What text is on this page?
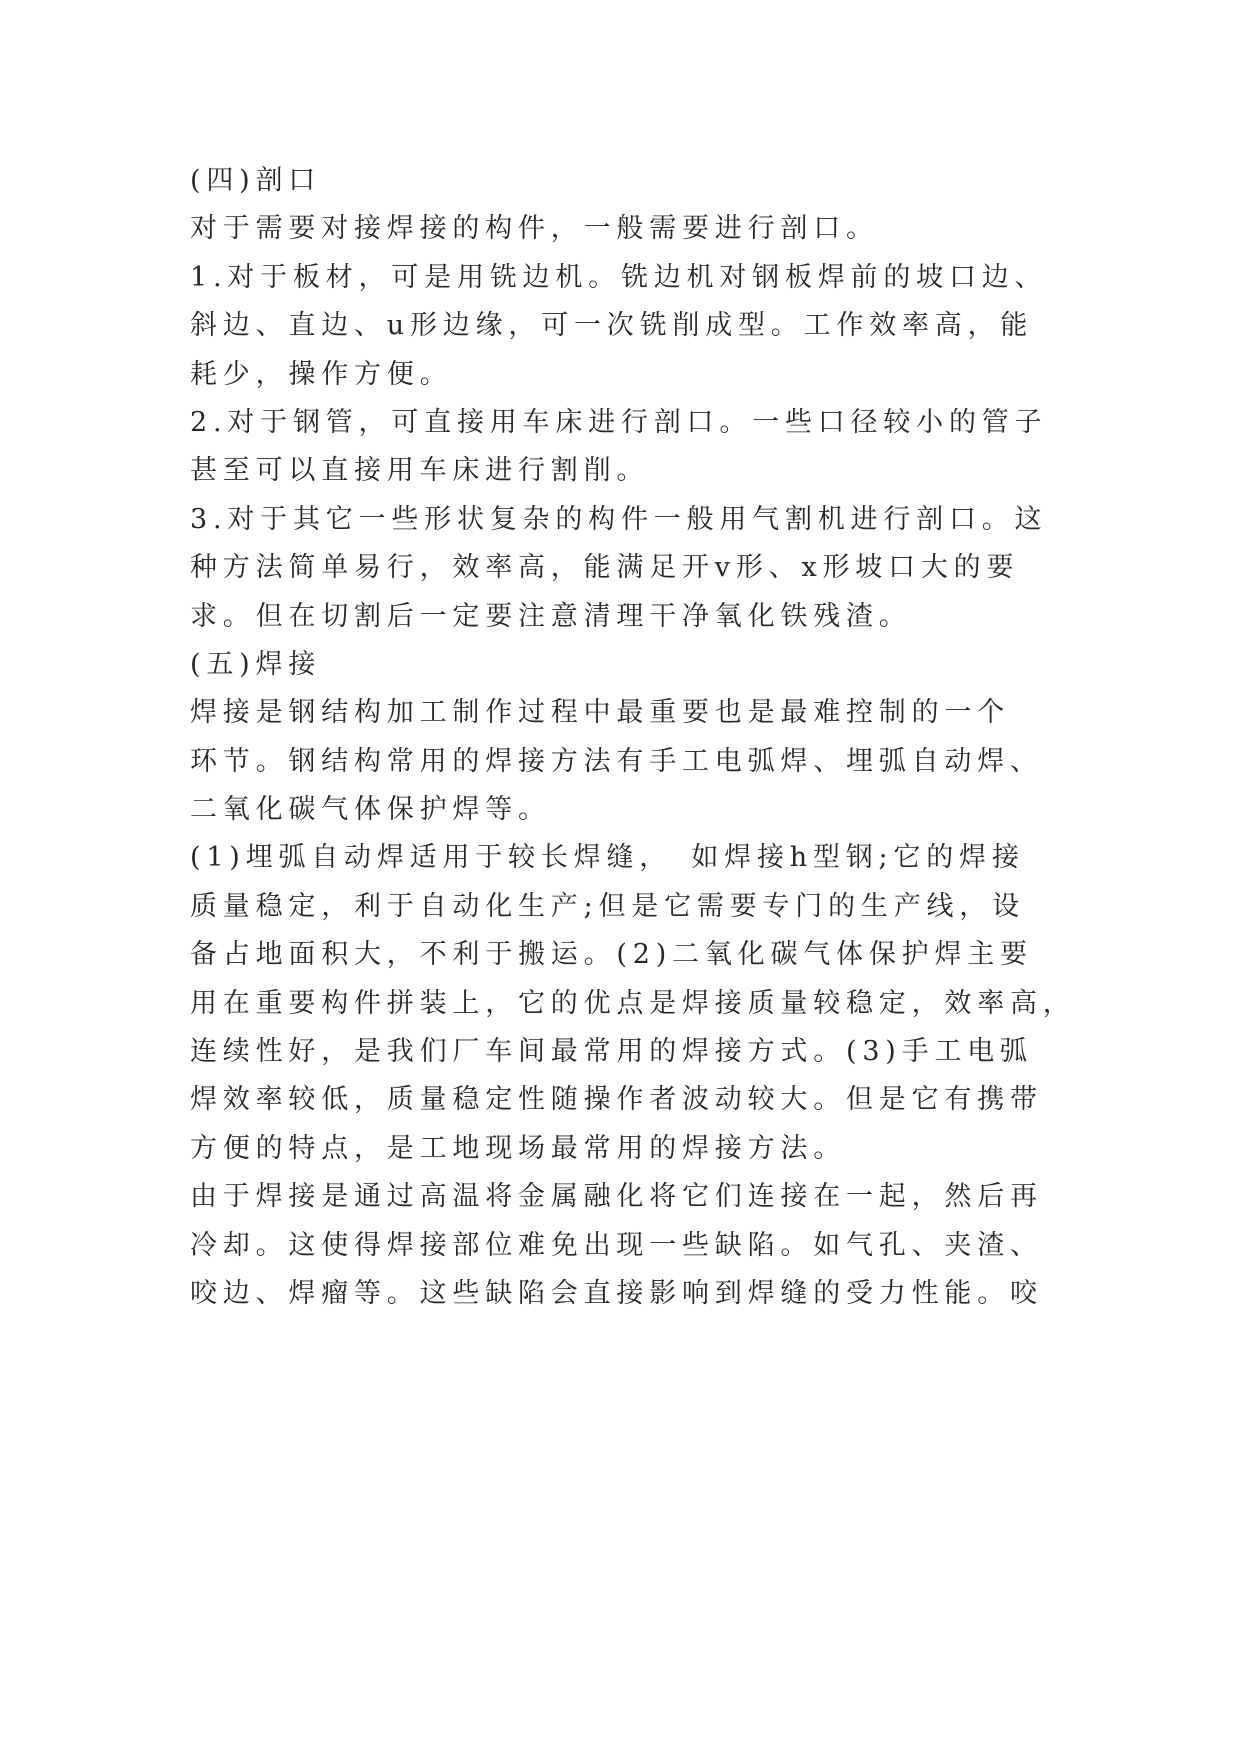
(四)剖口
对于需要对接焊接的构件，一般需要进行剖口。
1.对于板材，可是用铣边机。铣边机对钢板焊前的坡口边、
斜边、直边、u形边缘，可一次铣削成型。工作效率高，能
耗少，操作方便。
2.对于钢管，可直接用车床进行剖口。一些口径较小的管子
甚至可以直接用车床进行割削。
3.对于其它一些形状复杂的构件一般用气割机进行剖口。这
种方法简单易行，效率高，能满足开v形、x形坡口大的要
求。但在切割后一定要注意清理干净氧化铁残渣。
(五)焊接
焊接是钢结构加工制作过程中最重要也是最难控制的一个
环节。钢结构常用的焊接方法有手工电弧焊、埋弧自动焊、
二氧化碳气体保护焊等。
(1)埋弧自动焊适用于较长焊缝，　如焊接h型钢;它的焊接
质量稳定，利于自动化生产;但是它需要专门的生产线，设
备占地面积大，不利于搬运。(2)二氧化碳气体保护焊主要
用在重要构件拼装上，它的优点是焊接质量较稳定，效率高，
连续性好，是我们厂车间最常用的焊接方式。(3)手工电弧
焊效率较低，质量稳定性随操作者波动较大。但是它有携带
方便的特点，是工地现场最常用的焊接方法。
由于焊接是通过高温将金属融化将它们连接在一起，然后再
冷却。这使得焊接部位难免出现一些缺陷。如气孔、夹渣、
咬边、焊瘤等。这些缺陷会直接影响到焊缝的受力性能。咬
